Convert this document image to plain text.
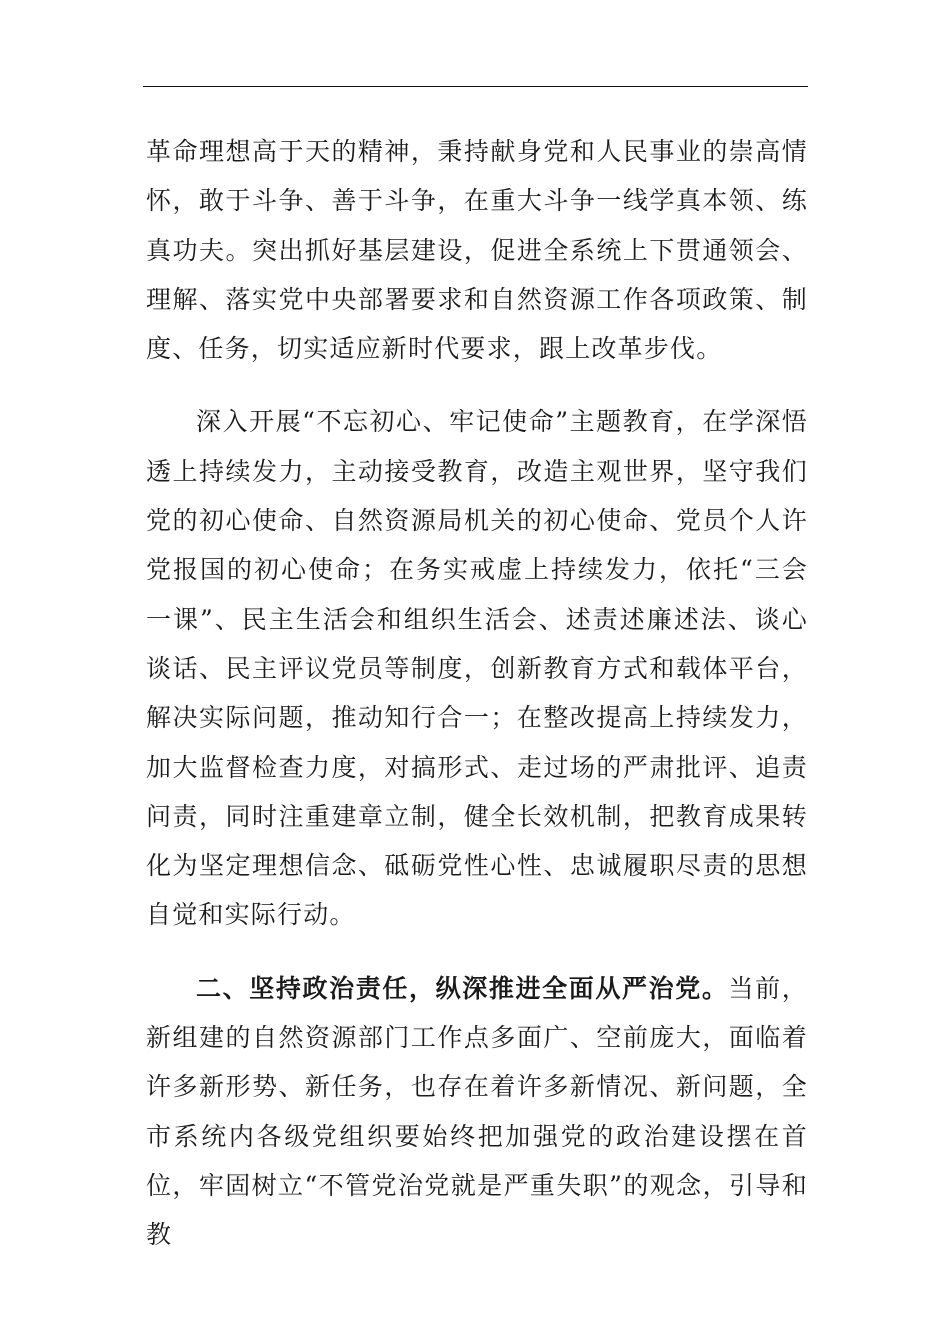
革命理想高于天的精神，秉持献身党和人民事业的崇高情怀，敢于斗争、善于斗争，在重大斗争一线学真本领、练真功夫。突出抓好基层建设，促进全系统上下贯通领会、理解、落实党中央部署要求和自然资源工作各项政策、制度、任务，切实适应新时代要求，跟上改革步伐。

深入开展“不忘初心、牢记使命”主题教育，在学深悟透上持续发力，主动接受教育，改造主观世界，坚守我们党的初心使命、自然资源局机关的初心使命、党员个人许党报国的初心使命；在务实戒虚上持续发力，依托“三会一课”、民主生活会和组织生活会、述责述廉述法、谈心谈话、民主评议党员等制度，创新教育方式和载体平台，解决实际问题，推动知行合一；在整改提高上持续发力，加大监督检查力度，对搞形式、走过场的严肃批评、追责问责，同时注重建章立制，健全长效机制，把教育成果转化为坚定理想信念、砥砺党性心性、忠诚履职尽责的思想自觉和实际行动。

二、坚持政治责任，纵深推进全面从严治党。当前，新组建的自然资源部门工作点多面广、空前庞大，面临着许多新形势、新任务，也存在着许多新情况、新问题，全市系统内各级党组织要始终把加强党的政治建设摆在首位，牢固树立“不管党治党就是严重失职”的观念，引导和教
